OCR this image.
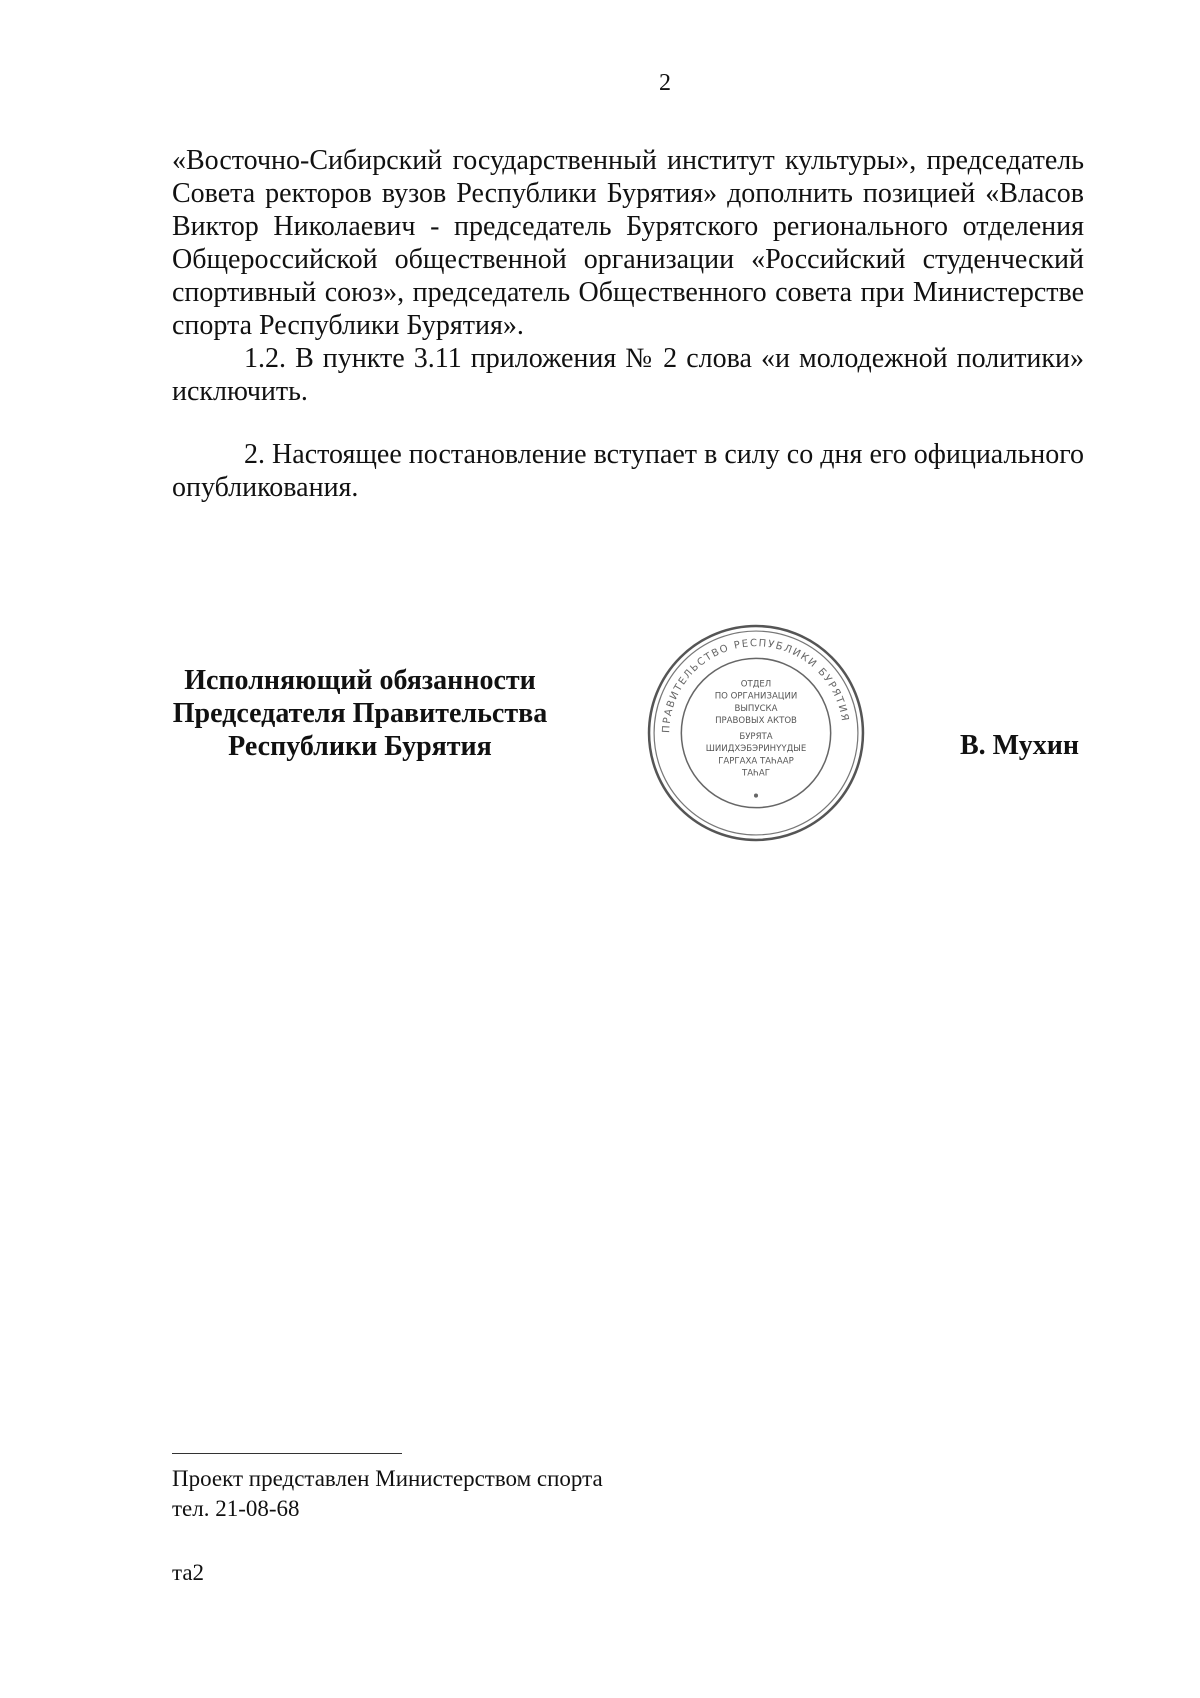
2

«Восточно-Сибирский государственный институт культуры», председатель Совета ректоров вузов Республики Бурятия» дополнить позицией «Власов Виктор Николаевич - председатель Бурятского регионального отделения Общероссийской общественной организации «Российский студенческий спортивный союз», председатель Общественного совета при Министерстве спорта Республики Бурятия».

1.2. В пункте 3.11 приложения № 2 слова «и молодежной политики» исключить.

2. Настоящее постановление вступает в силу со дня его официального опубликования.

Исполняющий обязанности
Председателя Правительства
Республики Бурятия
ПРАВИТЕЛЬСТВО РЕСПУБЛИКИ БУРЯТИЯ
ОТДЕЛ
ПО ОРГАНИЗАЦИИ
ВЫПУСКА
ПРАВОВЫХ АКТОВ
БУРЯТА
ШИИДХЭБЭРИНҮҮДЫЕ
ГАРГАХА ТАҺААР
ТАҺАГ
В. Мухин
Проект представлен Министерством спорта
тел. 21-08-68
та2
